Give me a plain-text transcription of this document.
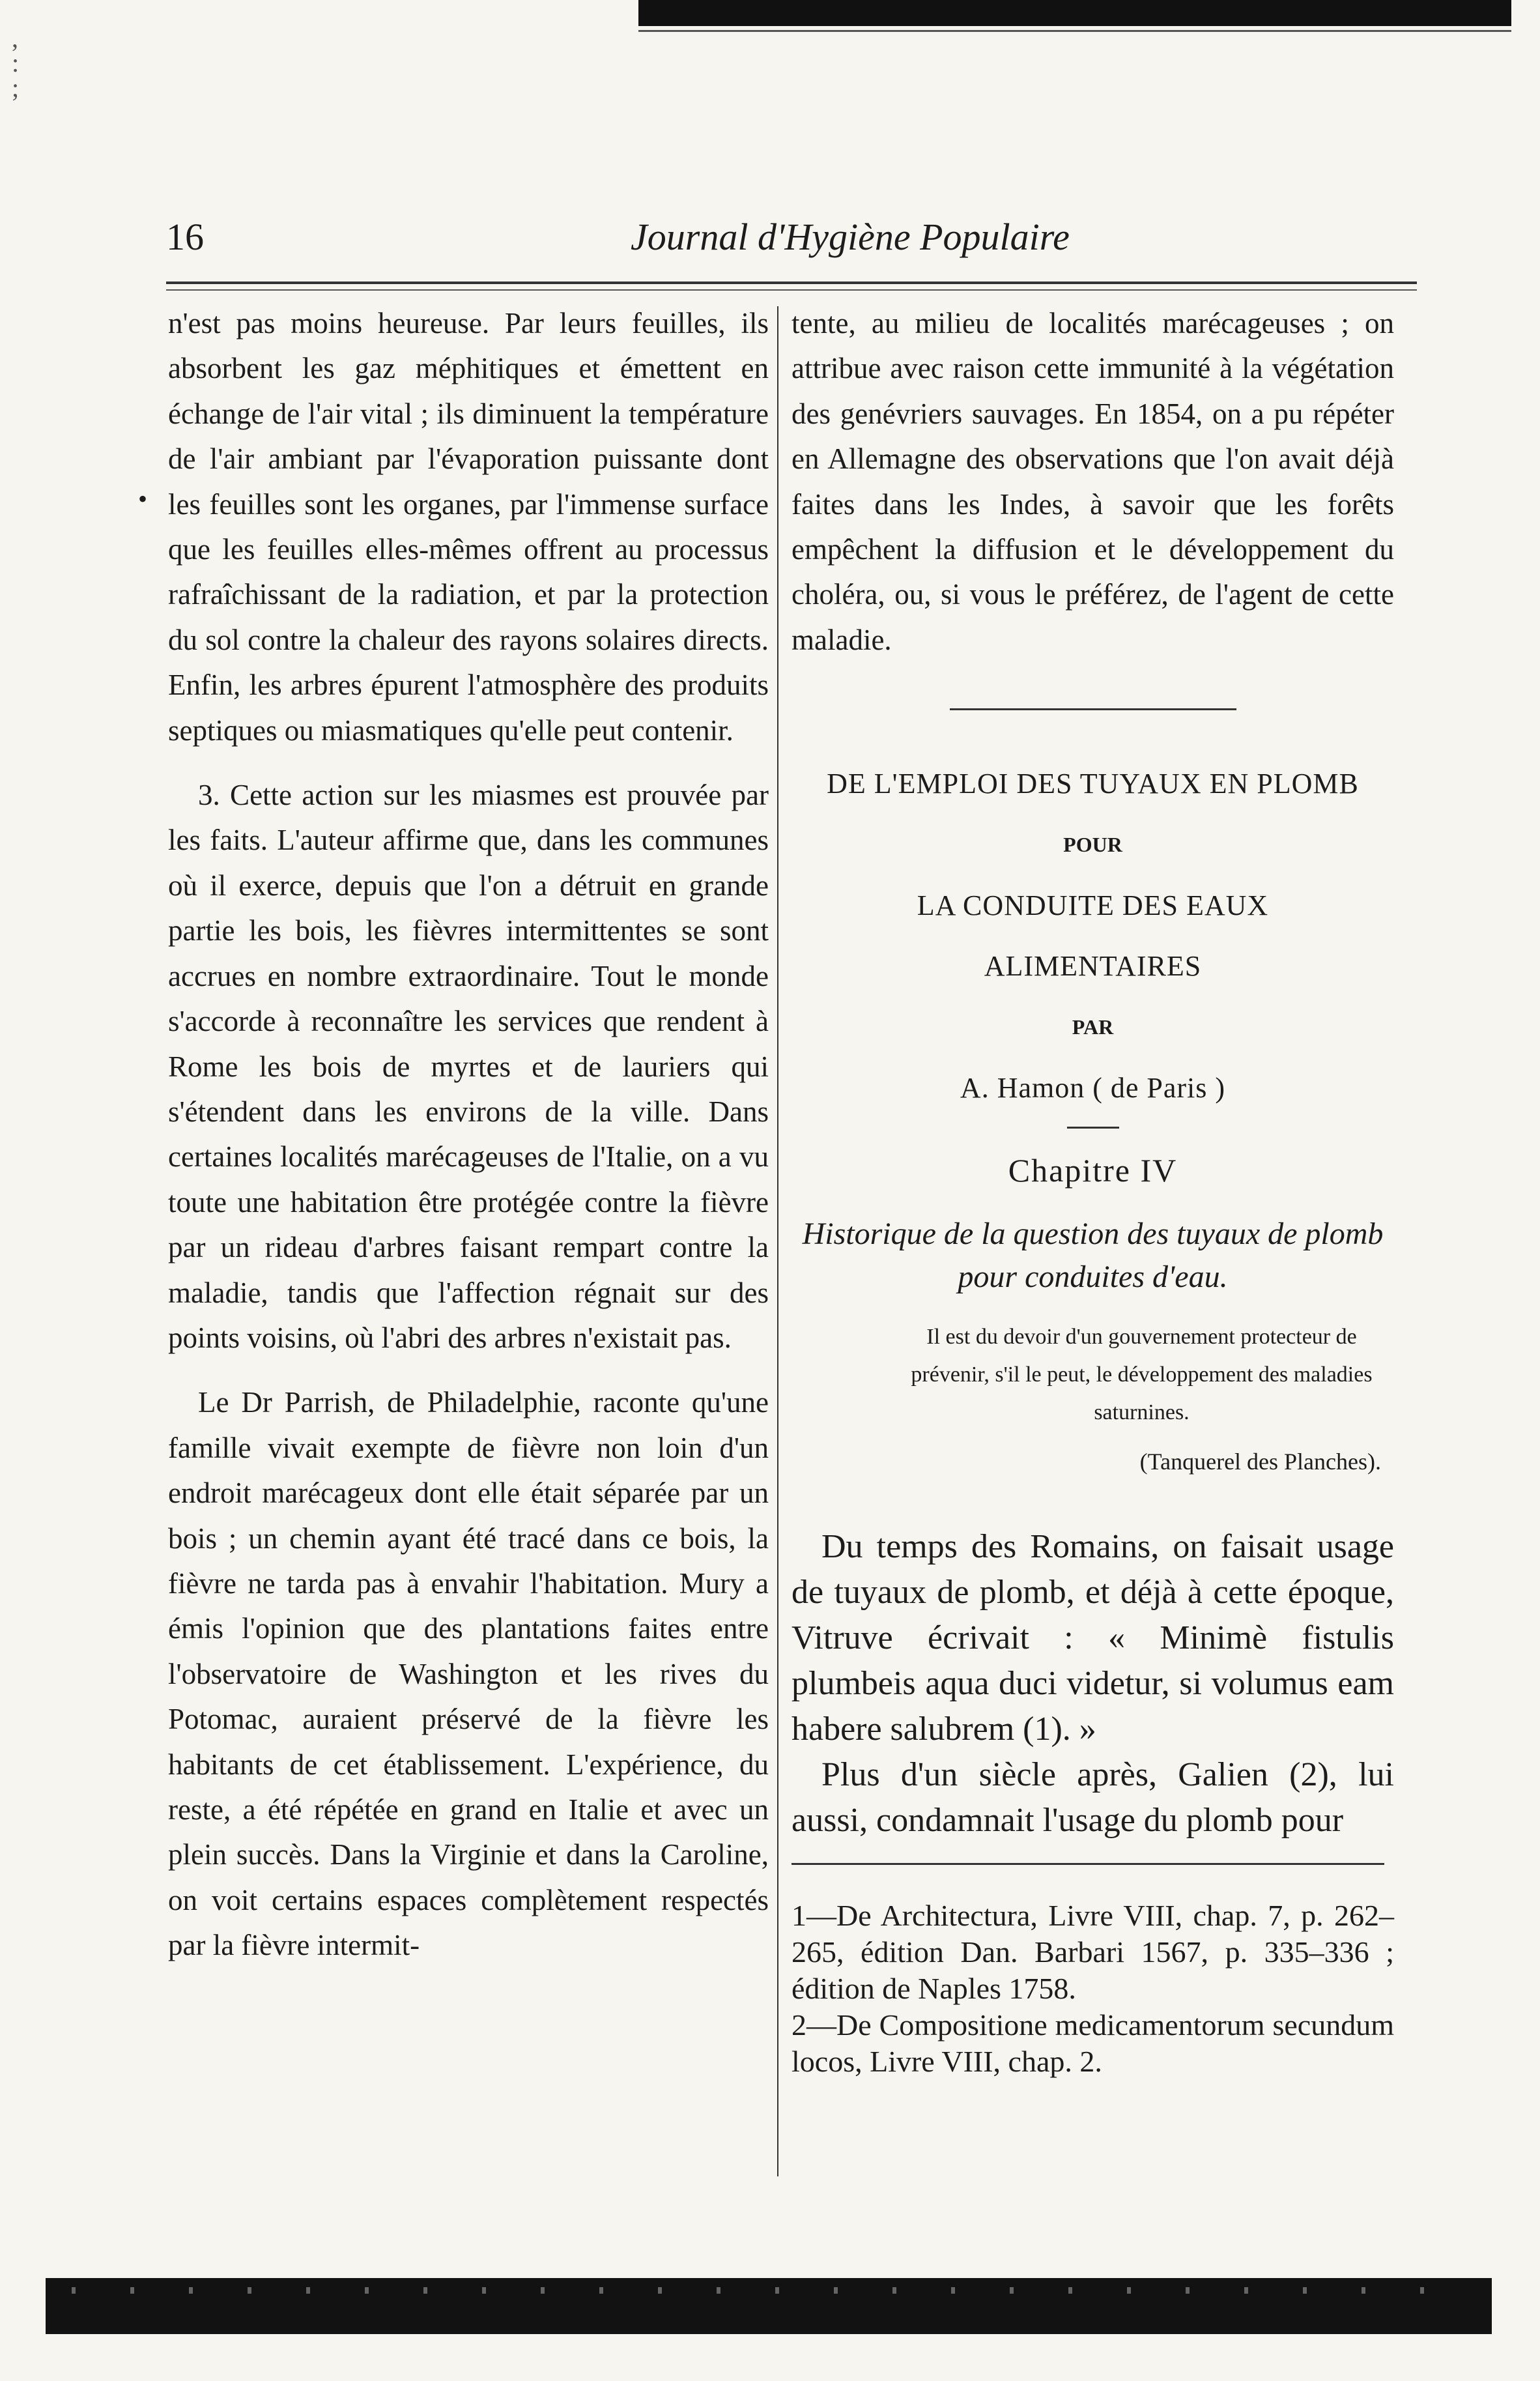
,
:
;
16	Journal d'Hygiène Populaire
•

n'est pas moins heureuse. Par leurs feuilles, ils absorbent les gaz méphitiques et émettent en échange de l'air vital ; ils diminuent la température de l'air ambiant par l'évaporation puissante dont les feuilles sont les organes, par l'immense surface que les feuilles elles-mêmes offrent au processus rafraîchissant de la radiation, et par la protection du sol contre la chaleur des rayons solaires directs. Enfin, les arbres épurent l'atmosphère des produits septiques ou miasmatiques qu'elle peut contenir.

3. Cette action sur les miasmes est prouvée par les faits. L'auteur affirme que, dans les communes où il exerce, depuis que l'on a détruit en grande partie les bois, les fièvres intermittentes se sont accrues en nombre extraordinaire. Tout le monde s'accorde à reconnaître les services que rendent à Rome les bois de myrtes et de lauriers qui s'étendent dans les environs de la ville. Dans certaines localités marécageuses de l'Italie, on a vu toute une habitation être protégée contre la fièvre par un rideau d'arbres faisant rempart contre la maladie, tandis que l'affection régnait sur des points voisins, où l'abri des arbres n'existait pas.

Le Dr Parrish, de Philadelphie, raconte qu'une famille vivait exempte de fièvre non loin d'un endroit marécageux dont elle était séparée par un bois ; un chemin ayant été tracé dans ce bois, la fièvre ne tarda pas à envahir l'habitation. Mury a émis l'opinion que des plantations faites entre l'observatoire de Washington et les rives du Potomac, auraient préservé de la fièvre les habitants de cet établissement. L'expérience, du reste, a été répétée en grand en Italie et avec un plein succès. Dans la Virginie et dans la Caroline, on voit certains espaces complètement respectés par la fièvre intermit-

tente, au milieu de localités marécageuses ; on attribue avec raison cette immunité à la végétation des genévriers sauvages. En 1854, on a pu répéter en Allemagne des observations que l'on avait déjà faites dans les Indes, à savoir que les forêts empêchent la diffusion et le développement du choléra, ou, si vous le préférez, de l'agent de cette maladie.

DE L'EMPLOI DES TUYAUX EN PLOMB
POUR
LA CONDUITE DES EAUX
ALIMENTAIRES
PAR
A. Hamon ( de Paris )
Chapitre IV
Historique de la question des tuyaux de plomb pour conduites d'eau.
Il est du devoir d'un gouvernement protecteur de prévenir, s'il le peut, le développement des maladies saturnines.
(Tanquerel des Planches).

Du temps des Romains, on faisait usage de tuyaux de plomb, et déjà à cette époque, Vitruve écrivait : « Minimè fistulis plumbeis aqua duci videtur, si volumus eam habere salubrem (1). »

Plus d'un siècle après, Galien (2), lui aussi, condamnait l'usage du plomb pour

1—De Architectura, Livre VIII, chap. 7, p. 262–265, édition Dan. Barbari 1567, p. 335–336 ; édition de Naples 1758.

2—De Compositione medicamentorum secundum locos, Livre VIII, chap. 2.
